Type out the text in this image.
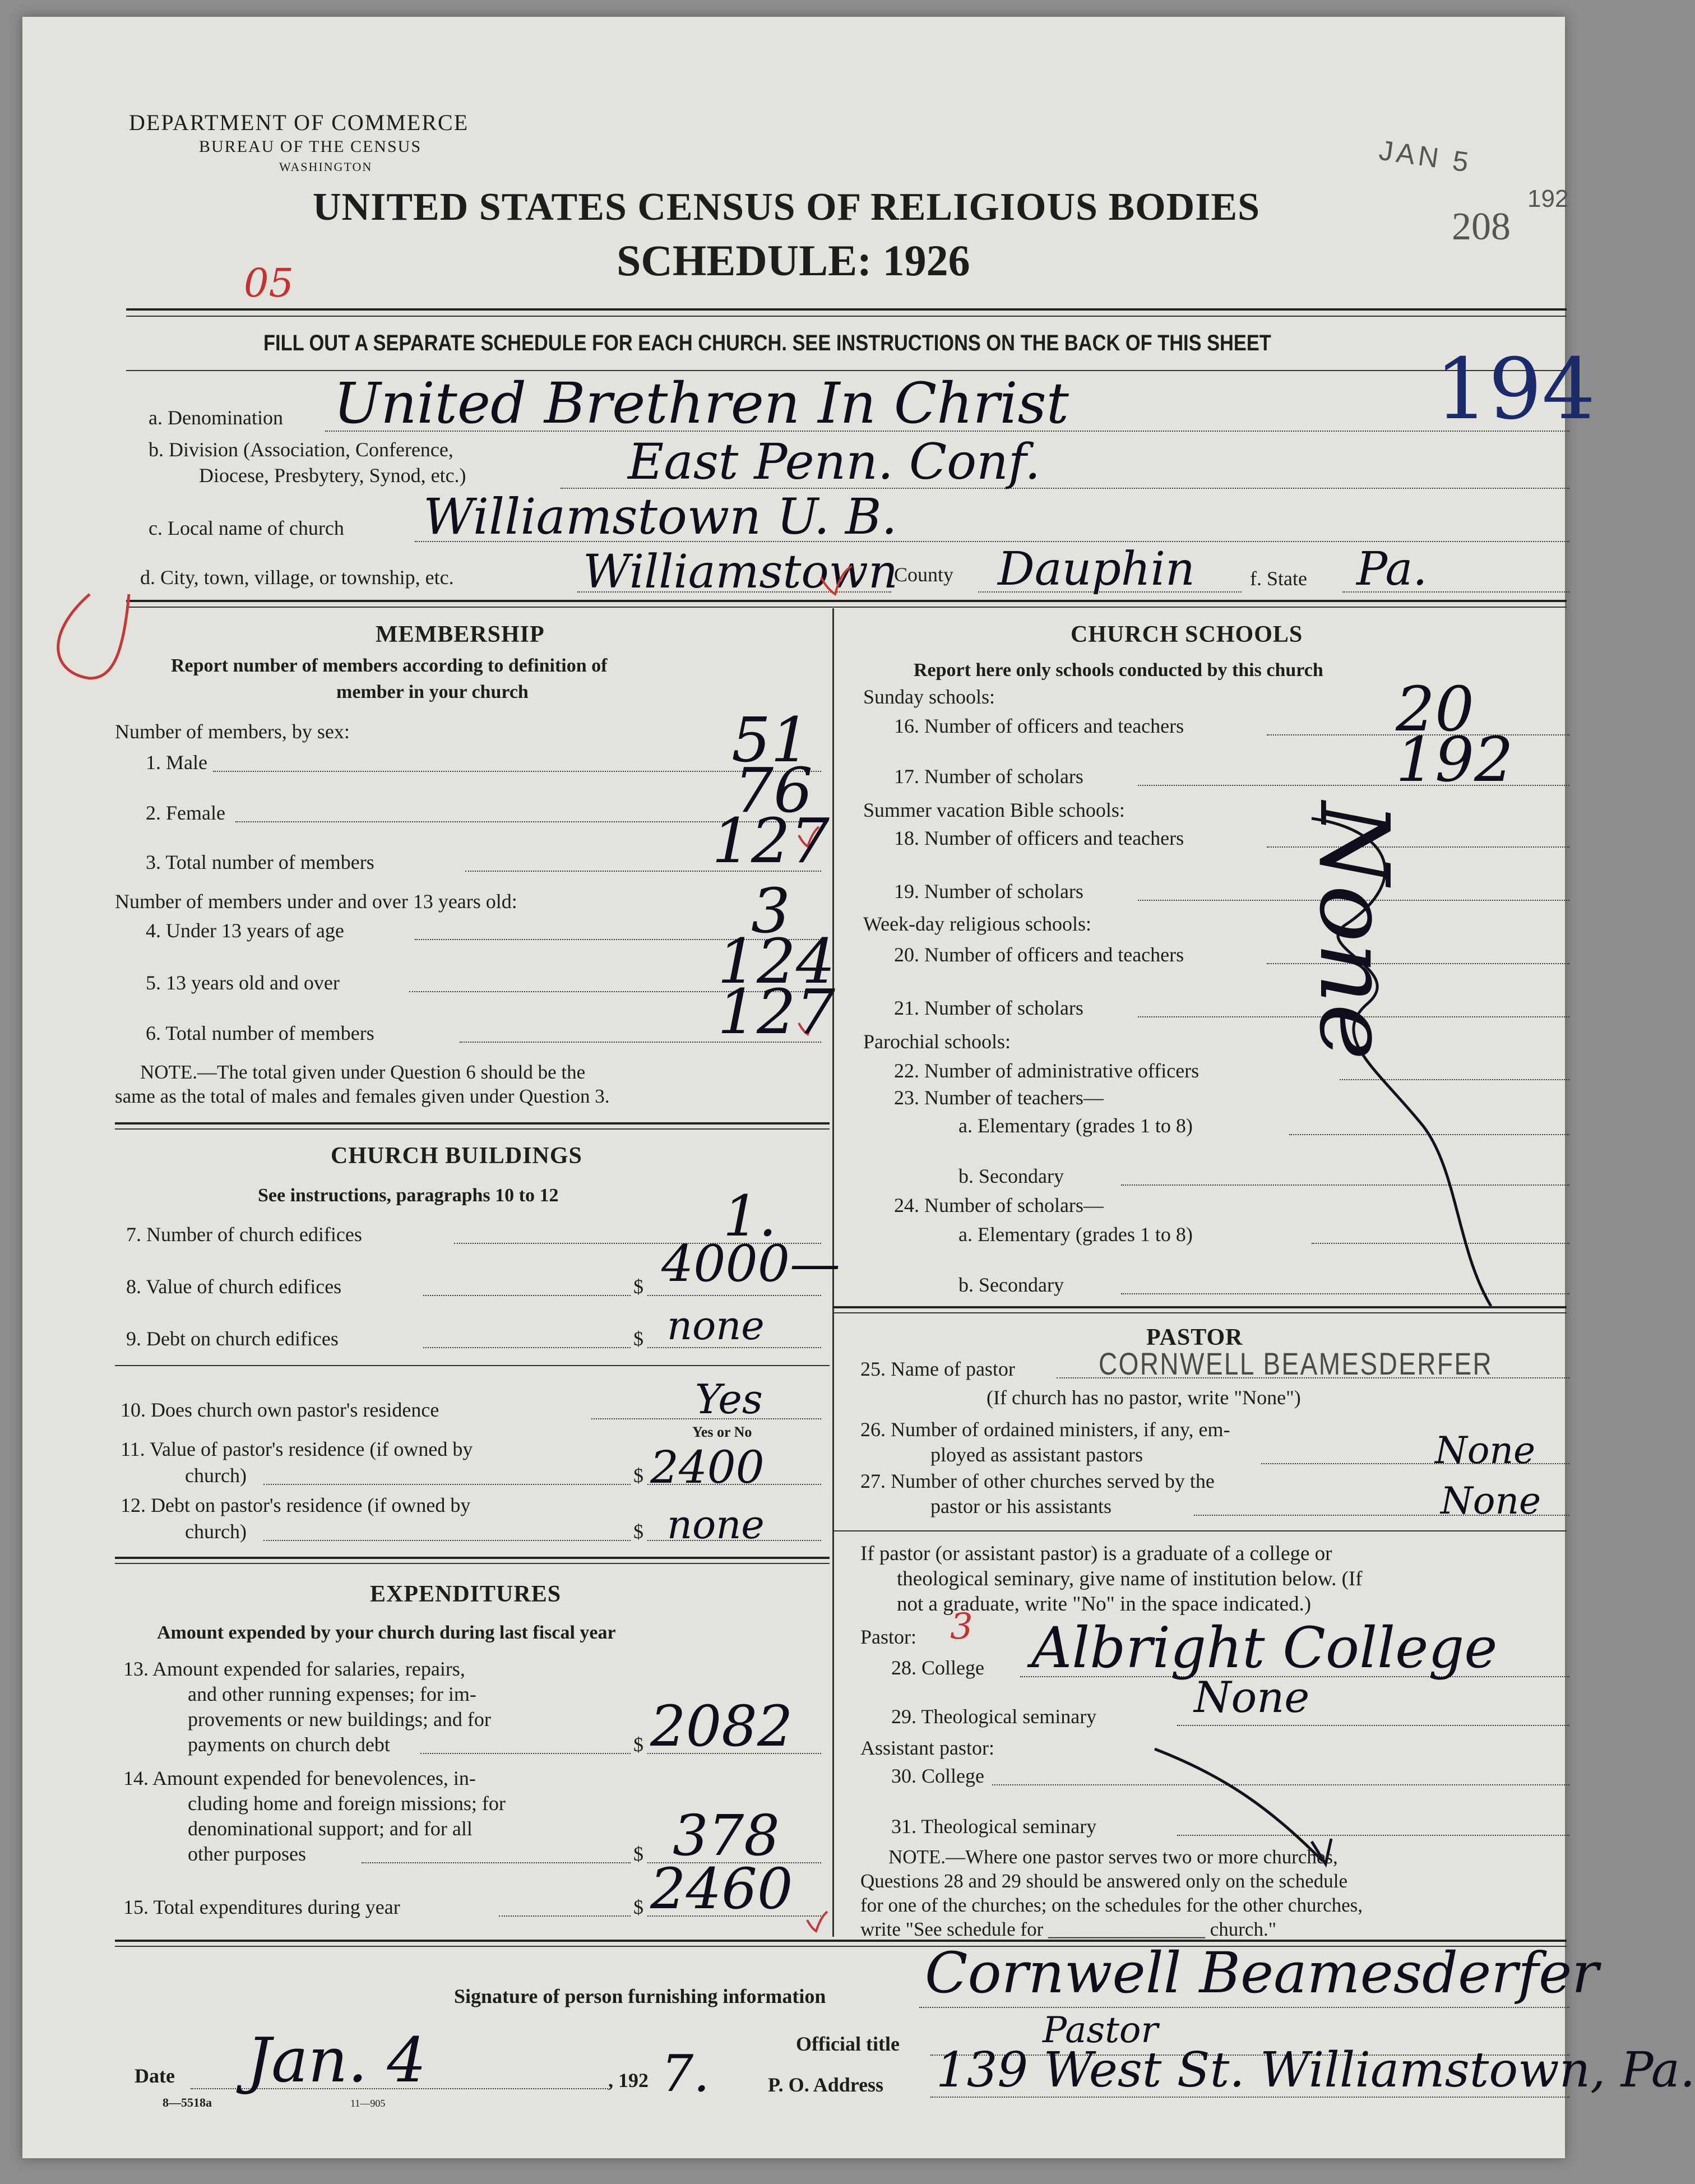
DEPARTMENT OF COMMERCE
BUREAU OF THE CENSUS
WASHINGTON
UNITED STATES CENSUS OF RELIGIOUS BODIES
SCHEDULE: 1926
JAN 5
192
208
05
FILL OUT A SEPARATE SCHEDULE FOR EACH CHURCH. SEE INSTRUCTIONS ON THE BACK OF THIS SHEET
a. Denomination United Brethren In Christ	194
b. Division (Association, Conference,
Diocese, Presbytery, Synod, etc.)	East Penn. Conf.
c. Local name of church Williamstown U. B.
d. City, town, village, or township, etc.	Williamstown
County Dauphin	f. State Pa.
MEMBERSHIP
Report number of members according to definition of
member in your church
Number of members, by sex:
1. Male	51
2. Female	76
3. Total number of members	127
Number of members under and over 13 years old:
4. Under 13 years of age	3
5. 13 years old and over	124
6. Total number of members	127
NOTE.—The total given under Question 6 should be the
same as the total of males and females given under Question 3.
CHURCH BUILDINGS
See instructions, paragraphs 10 to 12
7. Number of church edifices	1.
8. Value of church edifices	$ 4000—
9. Debt on church edifices	$ none
10. Does church own pastor's residence	Yes
Yes or No
11. Value of pastor's residence (if owned by
church)	$ 2400
12. Debt on pastor's residence (if owned by
church)	$ none
EXPENDITURES
Amount expended by your church during last fiscal year
13. Amount expended for salaries, repairs,
and other running expenses; for im-
provements or new buildings; and for
payments on church debt	$ 2082
14. Amount expended for benevolences, in-
cluding home and foreign missions; for
denominational support; and for all
other purposes	$ 378
15. Total expenditures during year	$ 2460
CHURCH SCHOOLS
Report here only schools conducted by this church
Sunday schools:
16. Number of officers and teachers	20
17. Number of scholars	192
Summer vacation Bible schools:
18. Number of officers and teachers
19. Number of scholars
Week-day religious schools:
20. Number of officers and teachers
21. Number of scholars
Parochial schools:
22. Number of administrative officers
23. Number of teachers—
a. Elementary (grades 1 to 8)
b. Secondary
24. Number of scholars—
a. Elementary (grades 1 to 8)
b. Secondary
None
PASTOR
25. Name of pastor	CORNWELL BEAMESDERFER
(If church has no pastor, write "None")
26. Number of ordained ministers, if any, em-
ployed as assistant pastors	None
27. Number of other churches served by the
pastor or his assistants	None
If pastor (or assistant pastor) is a graduate of a college or
theological seminary, give name of institution below. (If
not a graduate, write "No" in the space indicated.)
Pastor: 3
28. College Albright College
29. Theological seminary None
Assistant pastor:
30. College
31. Theological seminary
NOTE.—Where one pastor serves two or more churches,
Questions 28 and 29 should be answered only on the schedule
for one of the churches; on the schedules for the other churches,
write "See schedule for ________________ church."
Signature of person furnishing information Cornwell Beamesderfer
Official title	Pastor
Date Jan. 4	, 192 7.
8—5518a	11—905
P. O. Address 139 West St. Williamstown, Pa.
